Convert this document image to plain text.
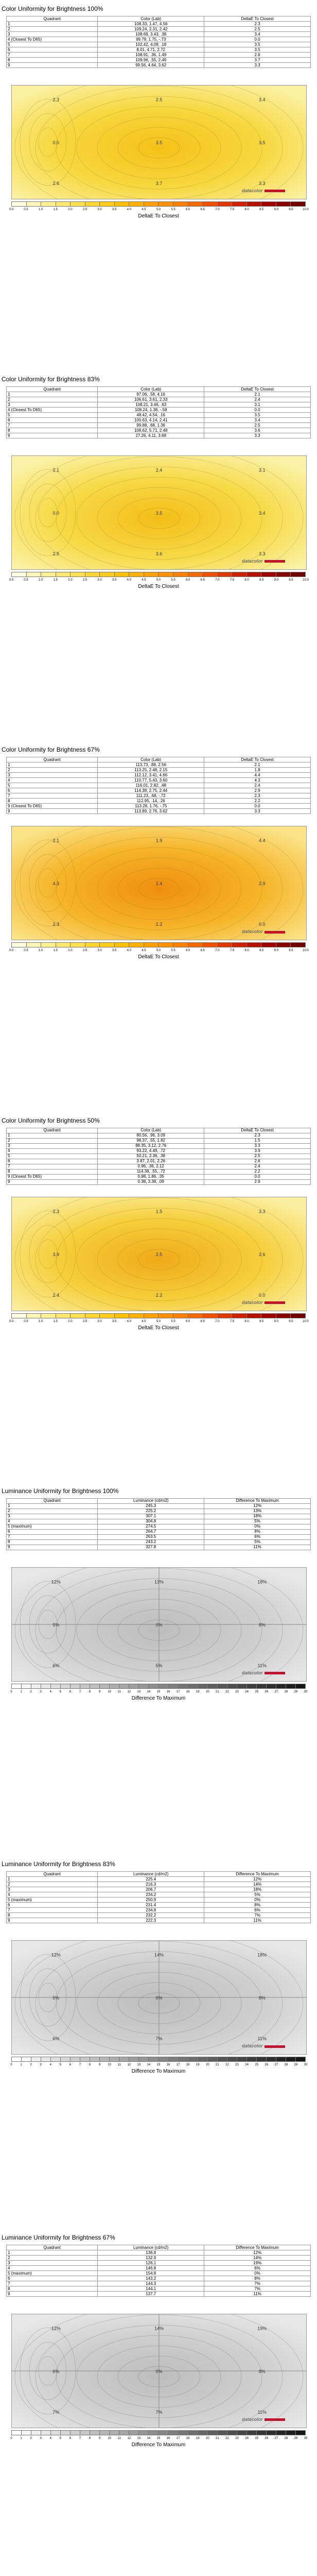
Color Uniformity for Brightness 100%
Quadrant	Color (Lab)	DeltaE To Closest
1	108.33, 1.47, 4.56	2.3
2	109.24, 2.31, 2.42	2.5
3	108.69, 3.43, .38	3.4
4 (Closest To D65)	99.79, 1.75, -.73	0.0
5	102.42, 4.09, .18	3.5
6	8.01, 4.71, 2.72	3.5
7	108.91, .36, 1.49	2.6
8	109.96, .55, 2.49	3.7
9	99.56, 4.64, 3.62	3.3
2.3	2.5	3.4
0.0	3.5	3.5
2.6	3.7	3.3
datacolor
0.0	0.5	1.0	1.5	2.0	2.5	3.0	3.5	4.0	4.5	5.0	5.5	6.0	6.5	7.0	7.5	8.0	8.5	9.0	9.5	10.0
DeltaE To Closest
Color Uniformity for Brightness 83%
Quadrant	Color (Lab)	DeltaE To Closest
1	97.06, .58, 4.16	2.1
2	106.61, 3.61, 2.33	2.4
3	108.21, 3.46, .63	3.1
4 (Closest To D65)	108.24, 1.38, -.58	0.0
5	48.42, 4.54, .16	3.5
6	100.63, 4.14, 2.41	3.4
7	99.88, .68, 1.36	2.5
8	108.62, 5.71, 2.48	3.6
9	27.26, 4.11, 3.68	3.3
2.1	2.4	3.1
0.0	3.5	3.4
2.5	3.6	3.3
datacolor
0.0	0.5	1.0	1.5	2.0	2.5	3.0	3.5	4.0	4.5	5.0	5.5	6.0	6.5	7.0	7.5	8.0	8.5	9.0	9.5	10.0
DeltaE To Closest
Color Uniformity for Brightness 67%
Quadrant	Color (Lab)	DeltaE To Closest
1	113.73, .88, 2.56	2.1
2	113.25, 2.48, 2.15	1.9
3	112.12, 3.41, 4.66	4.4
4	110.77, 5.43, 3.60	4.3
5	116.01, 2.82, .48	2.4
6	114.38, 2.75, 2.44	2.9
7	111.23, .68, -.72	2.3
8	112.95, .14, .26	2.2
9 (Closest To D65)	113.28, 1.76, -.75	0.0
9	113.89, 2.76, 3.62	3.3
2.1	1.9	4.4
4.3	2.4	2.9
2.3	2.2	0.0
datacolor
0.0	0.5	1.0	1.5	2.0	2.5	3.0	3.5	4.0	4.5	5.0	5.5	6.0	6.5	7.0	7.5	8.0	8.5	9.0	9.5	10.0
DeltaE To Closest
Color Uniformity for Brightness 50%
Quadrant	Color (Lab)	DeltaE To Closest
1	80.56, .96, 3.09	2.3
2	98.37, .55, 1.82	1.5
3	88.35, 3.12, 2.76	3.3
4	93.22, 4.49, .72	3.9
5	50.21, 2.36, .38	2.5
6	3.87, 2.01, 2.26	2.6
7	0.96, .36, 2.12	2.4
8	114.38, .55, .72	2.2
9 (Closest To D65)	0.98, 1.86, .35	0.0
9	0.38, 3.38, .09	2.9
2.3	1.5	3.3
3.9	2.5	2.6
2.4	2.2	0.0
datacolor
0.0	0.5	1.0	1.5	2.0	2.5	3.0	3.5	4.0	4.5	5.0	5.5	6.0	6.5	7.0	7.5	8.0	8.5	9.0	9.5	10.0
DeltaE To Closest
Luminance Uniformity for Brightness 100%
Quadrant	Luminance (cd/m2)	Difference To Maximum
1	245.3	12%
2	225.2	13%
3	307.1	18%
4	304.8	5%
5 (maximum)	274.5	0%
6	264.7	8%
7	263.5	6%
8	243.2	5%
9	327.8	11%
12%	13%	18%
5%	0%	8%
6%	5%	11%
datacolor
0	1	2	3	4	5	6	7	8	9 10 11 12 13 14 15 16 17 18 19 20 21 22 23 24 25 26 27 28 29 30
Difference To Maximum
Luminance Uniformity for Brightness 83%
Quadrant	Luminance (cd/m2)	Difference To Maximum
1	225.4	12%
2	216.3	14%
3	206.7	18%
4	234.2	5%
5 (maximum)	250.9	0%
6	231.4	8%
7	234.8	6%
8	232.2	7%
9	222.3	11%
12%	14%	18%
5%	0%	8%
6%	7%	11%
datacolor
0	1	2	3	4	5	6	7	8	9 10 11 12 13 14 15 16 17 18 19 20 21 22 23 24 25 26 27 28 29 30
Difference To Maximum
Luminance Uniformity for Brightness 67%
Quadrant	Luminance (cd/m2)	Difference To Maximum
1	136.8	12%
2	132.9	14%
3	126.1	19%
4	146.8	6%
5 (maximum)	154.8	0%
6	143.2	8%
7	144.3	7%
8	144.1	7%
9	137.7	11%
12%	14%	19%
6%	0%	8%
7%	7%	11%
datacolor
0	1	2	3	4	5	6	7	8	9 10 11 12 13 14 15 16 17 18 19 20 21 22 23 24 25 26 27 28 29 30
Difference To Maximum
